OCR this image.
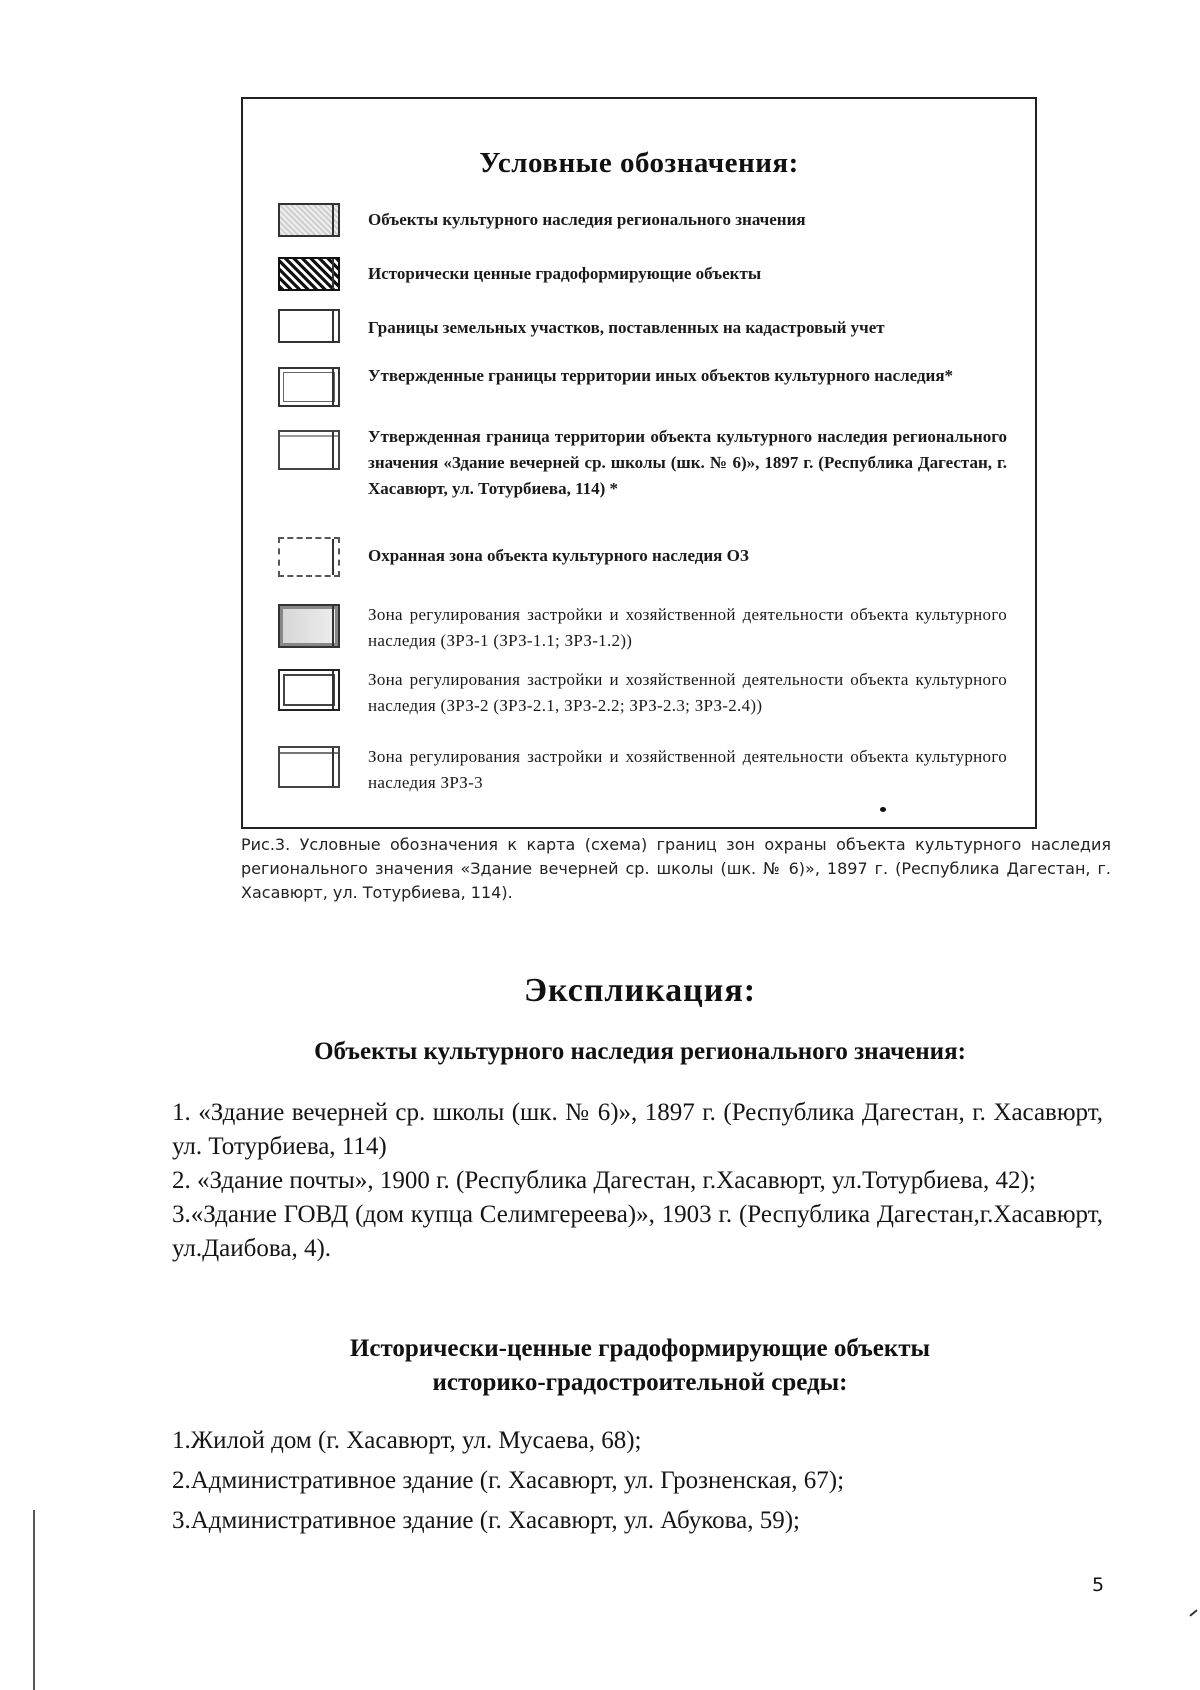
Условные обозначения:
Объекты культурного наследия регионального значения
Исторически ценные градоформирующие объекты
Границы земельных участков, поставленных на кадастровый учет
Утвержденные границы территории иных объектов культурного наследия*
Утвержденная граница территории объекта культурного наследия регионального значения «Здание вечерней ср. школы (шк. № 6)», 1897 г. (Республика Дагестан, г. Хасавюрт, ул. Тотурбиева, 114) *
Охранная зона объекта культурного наследия ОЗ
Зона регулирования застройки и хозяйственной деятельности объекта культурного наследия (ЗРЗ-1 (ЗРЗ-1.1; ЗРЗ-1.2))
Зона регулирования застройки и хозяйственной деятельности объекта культурного наследия (ЗРЗ-2 (ЗРЗ-2.1, ЗРЗ-2.2; ЗРЗ-2.3; ЗРЗ-2.4))
Зона регулирования застройки и хозяйственной деятельности объекта культурного наследия ЗРЗ-3
Рис.3. Условные обозначения к карта (схема) границ зон охраны объекта культурного наследия регионального значения «Здание вечерней ср. школы (шк. № 6)», 1897 г. (Республика Дагестан, г. Хасавюрт, ул. Тотурбиева, 114).
Экспликация:
Объекты культурного наследия регионального значения:

1. «Здание вечерней ср. школы (шк. № 6)», 1897 г. (Республика Дагестан, г. Хасавюрт, ул. Тотурбиева, 114)

2. «Здание почты», 1900 г. (Республика Дагестан, г.Хасавюрт, ул.Тотурбиева, 42);

3.«Здание ГОВД (дом купца Селимгереева)», 1903 г. (Республика Дагестан,г.Хасавюрт, ул.Даибова, 4).

Исторически-ценные градоформирующие объекты
историко-градостроительной среды:

1.Жилой дом (г. Хасавюрт, ул. Мусаева, 68);

2.Административное здание (г. Хасавюрт, ул. Грозненская, 67);

3.Административное здание (г. Хасавюрт, ул. Абукова, 59);

5
